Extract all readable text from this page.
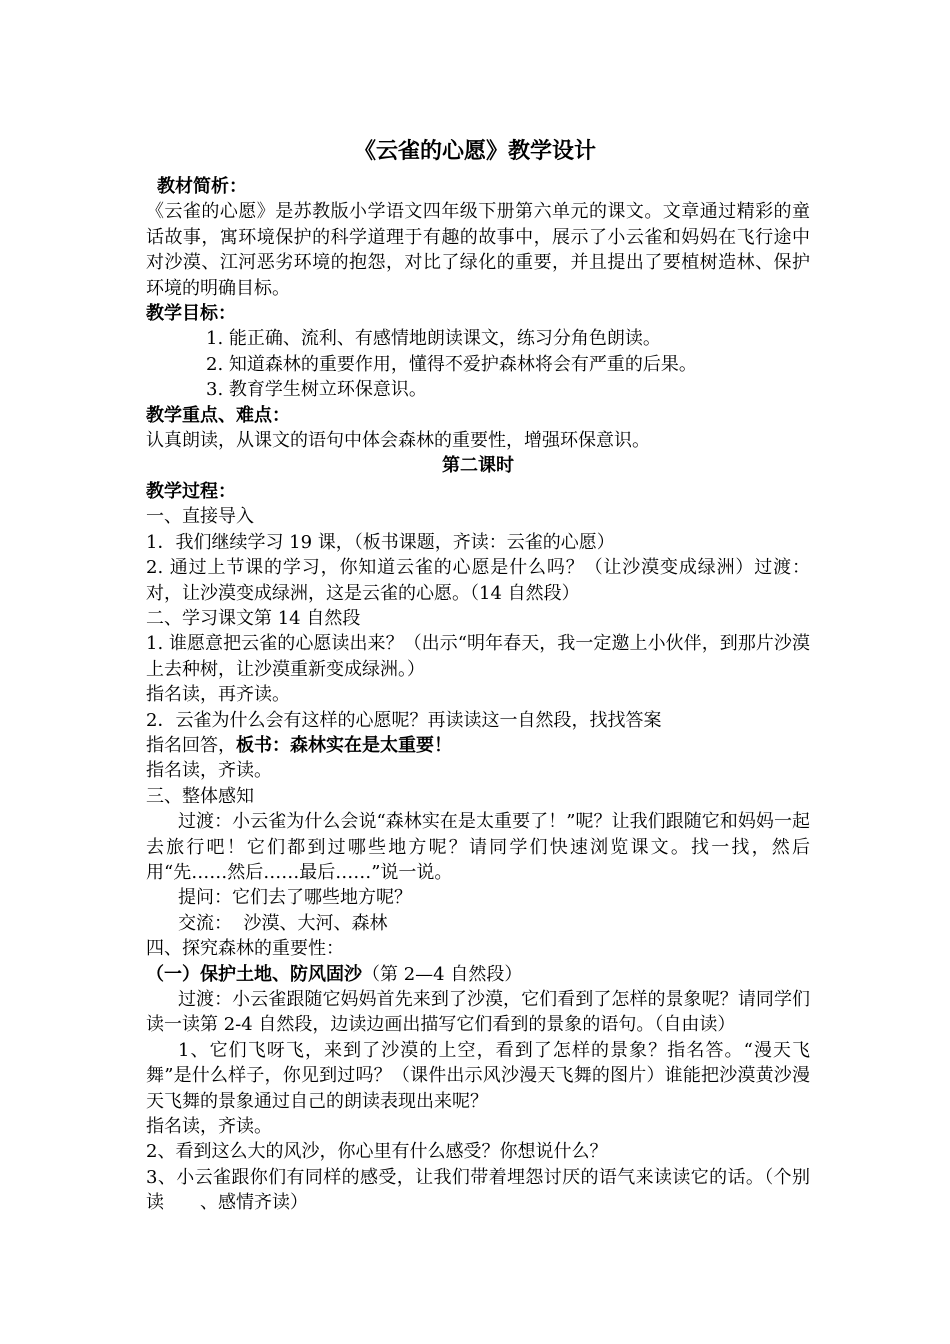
《云雀的心愿》教学设计

教材简析：

《云雀的心愿》是苏教版小学语文四年级下册第六单元的课文。文章通过精彩的童话故事，寓环境保护的科学道理于有趣的故事中，展示了小云雀和妈妈在飞行途中对沙漠、江河恶劣环境的抱怨，对比了绿化的重要，并且提出了要植树造林、保护环境的明确目标。

教学目标：

1. 能正确、流利、有感情地朗读课文，练习分角色朗读。

2. 知道森林的重要作用，懂得不爱护森林将会有严重的后果。

3. 教育学生树立环保意识。

教学重点、难点：

认真朗读，从课文的语句中体会森林的重要性，增强环保意识。

第二课时

教学过程：

一、直接导入

1．我们继续学习 19 课，（板书课题，齐读：云雀的心愿）

2. 通过上节课的学习，你知道云雀的心愿是什么吗？（让沙漠变成绿洲）过渡：对，让沙漠变成绿洲，这是云雀的心愿。（14 自然段）

二、学习课文第 14 自然段

1. 谁愿意把云雀的心愿读出来？（出示“明年春天，我一定邀上小伙伴，到那片沙漠上去种树，让沙漠重新变成绿洲。）

指名读，再齐读。

2．云雀为什么会有这样的心愿呢？再读读这一自然段，找找答案

指名回答，板书：森林实在是太重要！

指名读，齐读。

三、整体感知

过渡：小云雀为什么会说“森林实在是太重要了！”呢？让我们跟随它和妈妈一起去旅行吧！它们都到过哪些地方呢？请同学们快速浏览课文。找一找，然后用“先……然后……最后……”说一说。

提问：它们去了哪些地方呢？

交流：  沙漠、大河、森林

四、探究森林的重要性：

（一）保护土地、防风固沙（第 2—4 自然段）

过渡：小云雀跟随它妈妈首先来到了沙漠，它们看到了怎样的景象呢？请同学们读一读第 2-4 自然段，边读边画出描写它们看到的景象的语句。（自由读）

1、它们飞呀飞，来到了沙漠的上空，看到了怎样的景象？指名答。“漫天飞舞”是什么样子，你见到过吗？（课件出示风沙漫天飞舞的图片）谁能把沙漠黄沙漫天飞舞的景象通过自己的朗读表现出来呢？

指名读，齐读。

2、看到这么大的风沙，你心里有什么感受？你想说什么？

3、小云雀跟你们有同样的感受，让我们带着埋怨讨厌的语气来读读它的话。（个别读　　、感情齐读）
